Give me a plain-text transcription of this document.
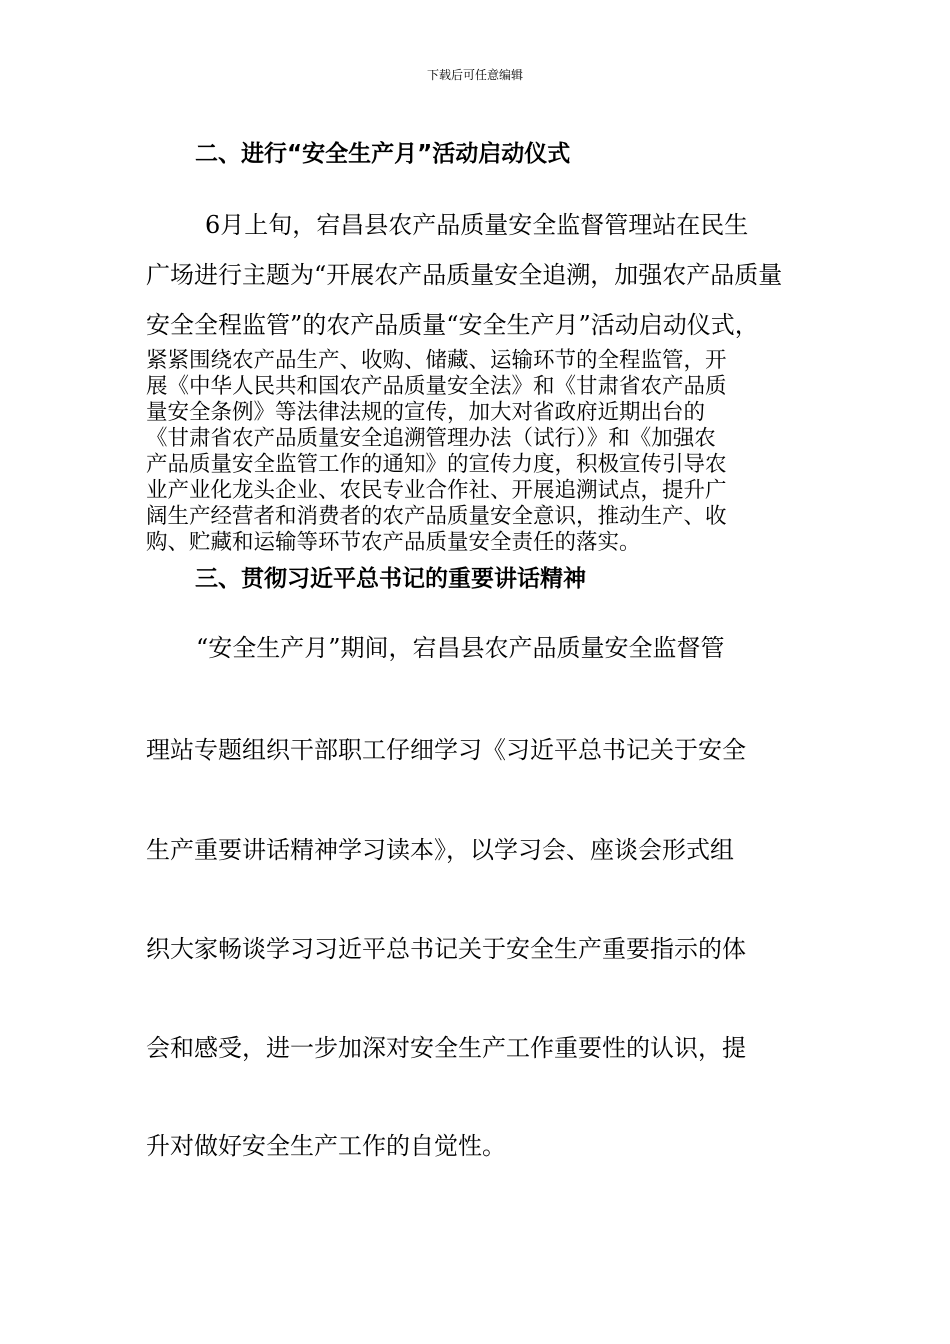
下载后可任意编辑
二、进行“安全生产月”活动启动仪式
6月上旬，宕昌县农产品质量安全监督管理站在民生
广场进行主题为“开展农产品质量安全追溯，加强农产品质量
安全全程监管”的农产品质量“安全生产月”活动启动仪式，
紧紧围绕农产品生产、收购、储藏、运输环节的全程监管，开
展《中华人民共和国农产品质量安全法》和《甘肃省农产品质
量安全条例》等法律法规的宣传，加大对省政府近期出台的
《甘肃省农产品质量安全追溯管理办法（试行）》和《加强农
产品质量安全监管工作的通知》的宣传力度，积极宣传引导农
业产业化龙头企业、农民专业合作社、开展追溯试点，提升广
阔生产经营者和消费者的农产品质量安全意识，推动生产、收
购、贮藏和运输等环节农产品质量安全责任的落实。
三、贯彻习近平总书记的重要讲话精神
“安全生产月”期间，宕昌县农产品质量安全监督管
理站专题组织干部职工仔细学习《习近平总书记关于安全
生产重要讲话精神学习读本》，以学习会、座谈会形式组
织大家畅谈学习习近平总书记关于安全生产重要指示的体
会和感受，进一步加深对安全生产工作重要性的认识，提
升对做好安全生产工作的自觉性。
